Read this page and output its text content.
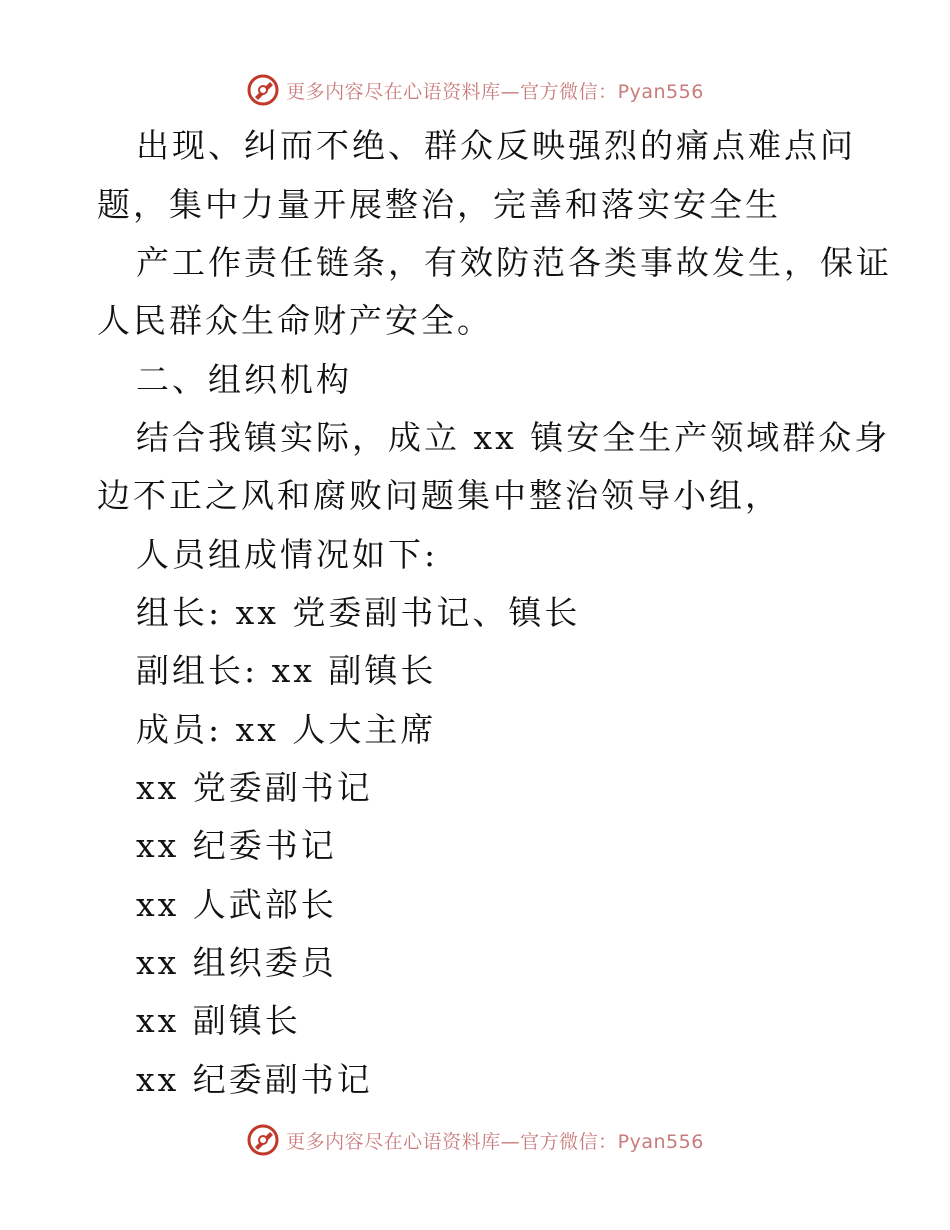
更多内容尽在心语资料库—官方微信：Pyan556
出现、纠而不绝、群众反映强烈的痛点难点问
题，集中力量开展整治，完善和落实安全生
产工作责任链条，有效防范各类事故发生，保证
人民群众生命财产安全。
二、组织机构
结合我镇实际，成立 xx 镇安全生产领域群众身
边不正之风和腐败问题集中整治领导小组，
人员组成情况如下:
组长: xx 党委副书记、镇长
副组长: xx 副镇长
成员: xx 人大主席
xx 党委副书记
xx 纪委书记
xx 人武部长
xx 组织委员
xx 副镇长
xx 纪委副书记
更多内容尽在心语资料库—官方微信：Pyan556
